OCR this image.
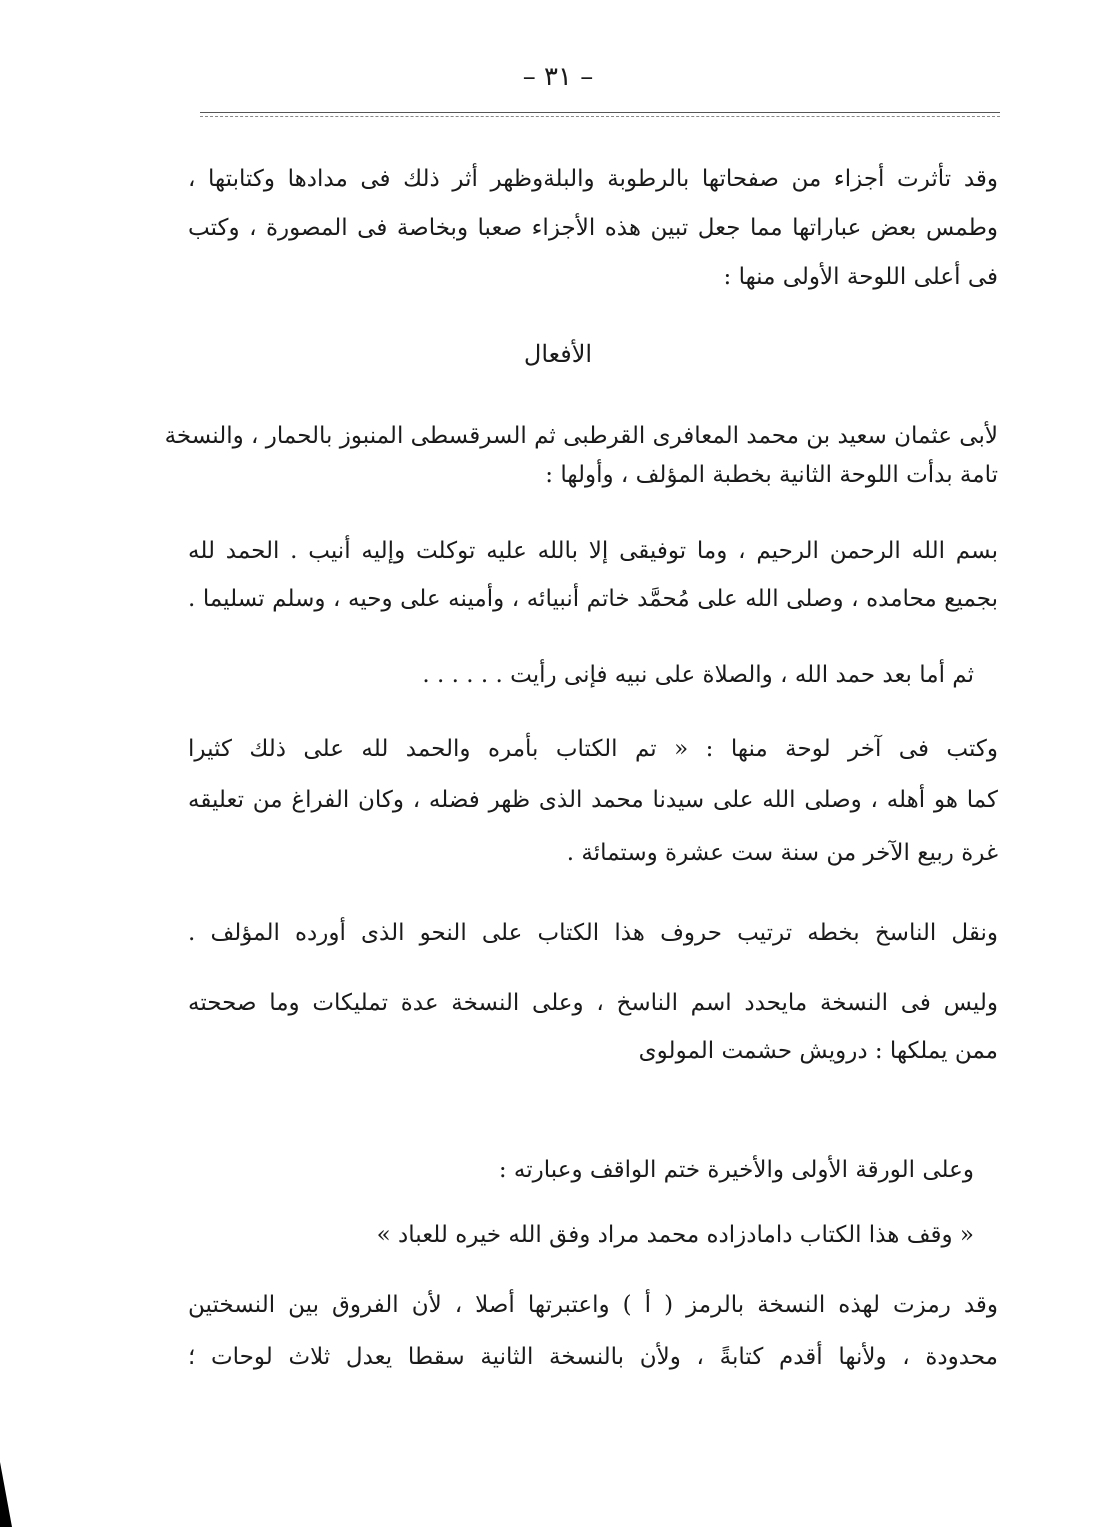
– ٣١ –
وقد تأثرت أجزاء من صفحاتها بالرطوبة والبلةوظهر أثر ذلك فى مدادها وكتابتها ،
وطمس بعض عباراتها مما جعل تبين هذه الأجزاء صعبا وبخاصة فى المصورة ، وكتب
فى أعلى اللوحة الأولى منها :
الأفعال
لأبى عثمان سعيد بن محمد المعافرى القرطبى ثم السرقسطى المنبوز بالحمار ، والنسخة
تامة بدأت اللوحة الثانية بخطبة المؤلف ، وأولها :
بسم الله الرحمن الرحيم ، وما توفيقى إلا بالله عليه توكلت وإليه أنيب . الحمد لله
بجميع محامده ، وصلى الله على مُحمَّد خاتم أنبيائه ، وأمينه على وحيه ، وسلم تسليما .
ثم أما بعد حمد الله ، والصلاة على نبيه فإنى رأيت . . . . . .
وكتب فى آخر لوحة منها : « تم الكتاب بأمره والحمد لله على ذلك كثيرا
كما هو أهله ، وصلى الله على سيدنا محمد الذى ظهر فضله ، وكان الفراغ من تعليقه
غرة ربيع الآخر من سنة ست عشرة وستمائة .
ونقل الناسخ بخطه ترتيب حروف هذا الكتاب على النحو الذى أورده المؤلف .
وليس فى النسخة مايحدد اسم الناسخ ، وعلى النسخة عدة تمليكات وما صححته
ممن يملكها : درويش حشمت المولوى
وعلى الورقة الأولى والأخيرة ختم الواقف وعبارته :
« وقف هذا الكتاب دامادزاده محمد مراد وفق الله خيره للعباد »
وقد رمزت لهذه النسخة بالرمز ( أ ) واعتبرتها أصلا ، لأن الفروق بين النسختين
محدودة ، ولأنها أقدم كتابةً ، ولأن بالنسخة الثانية سقطا يعدل ثلاث لوحات ؛
